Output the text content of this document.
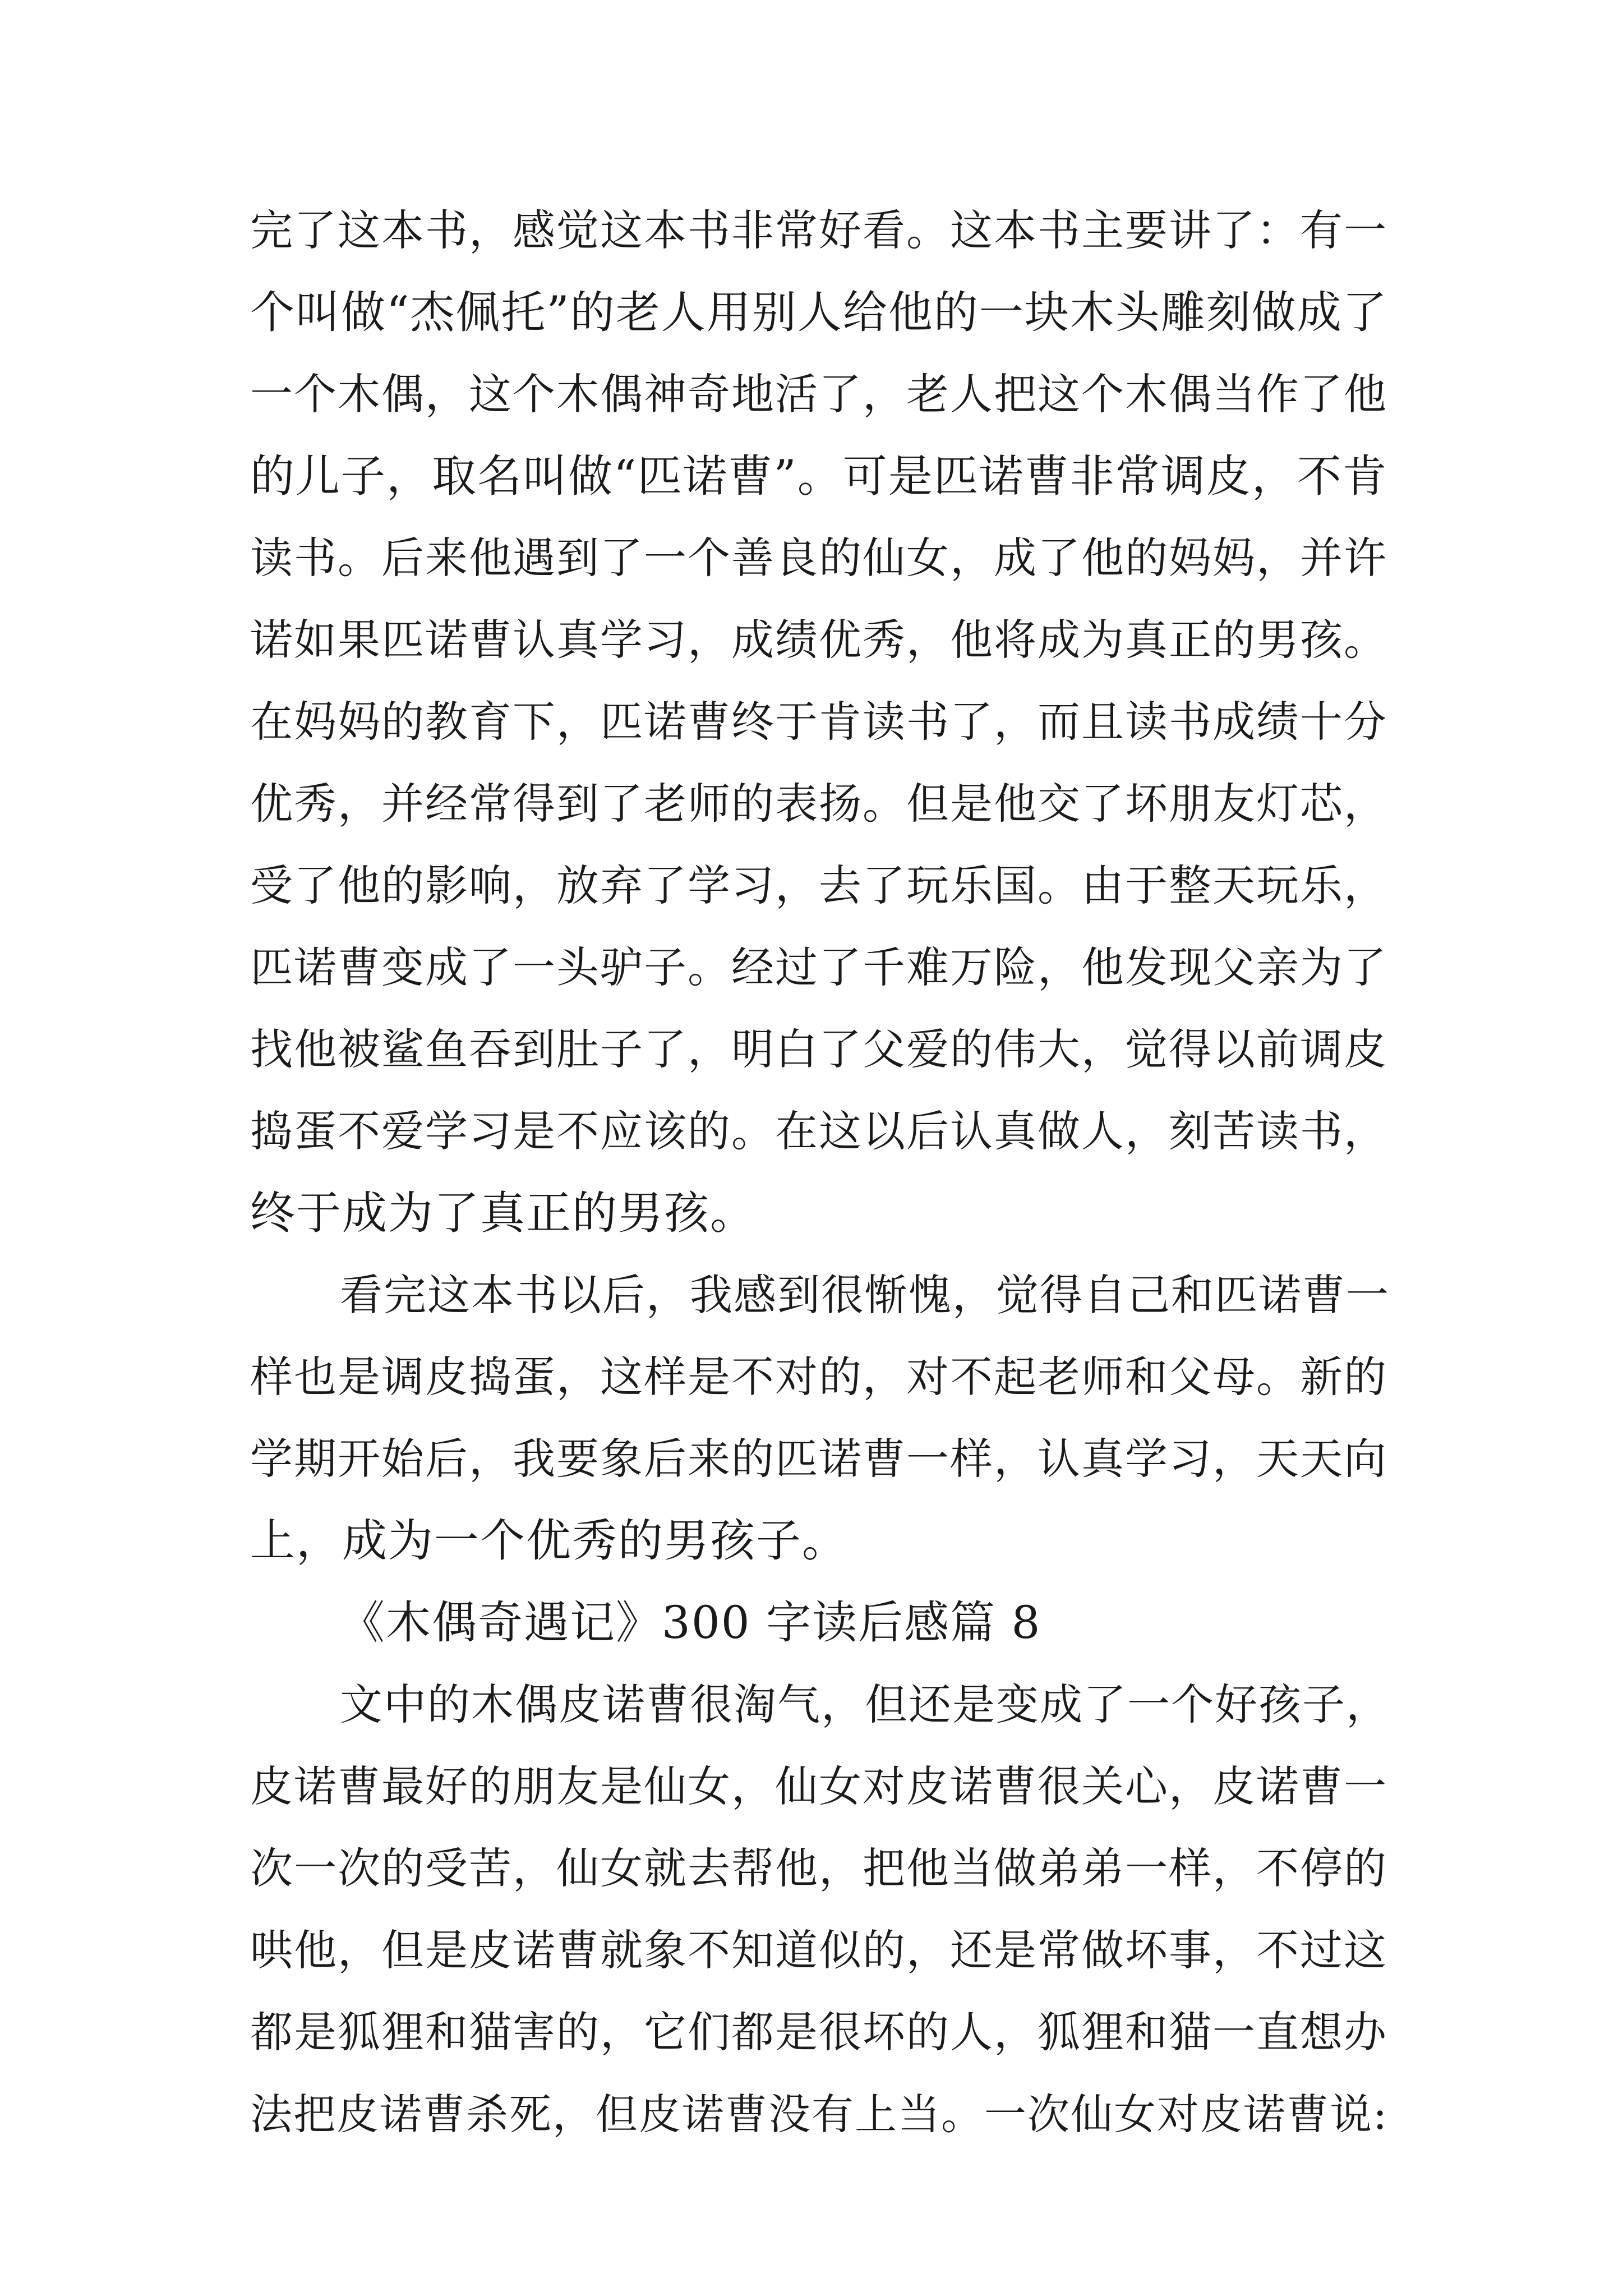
完了这本书，感觉这本书非常好看。这本书主要讲了：有一
个叫做“杰佩托”的老人用别人给他的一块木头雕刻做成了
一个木偶，这个木偶神奇地活了，老人把这个木偶当作了他
的儿子，取名叫做“匹诺曹”。可是匹诺曹非常调皮，不肯
读书。后来他遇到了一个善良的仙女，成了他的妈妈，并许
诺如果匹诺曹认真学习，成绩优秀，他将成为真正的男孩。
在妈妈的教育下，匹诺曹终于肯读书了，而且读书成绩十分
优秀，并经常得到了老师的表扬。但是他交了坏朋友灯芯，
受了他的影响，放弃了学习，去了玩乐国。由于整天玩乐，
匹诺曹变成了一头驴子。经过了千难万险，他发现父亲为了
找他被鲨鱼吞到肚子了，明白了父爱的伟大，觉得以前调皮
捣蛋不爱学习是不应该的。在这以后认真做人，刻苦读书，
终于成为了真正的男孩。
看完这本书以后，我感到很惭愧，觉得自己和匹诺曹一
样也是调皮捣蛋，这样是不对的，对不起老师和父母。新的
学期开始后，我要象后来的匹诺曹一样，认真学习，天天向
上，成为一个优秀的男孩子。
《木偶奇遇记》300 字读后感篇 8
文中的木偶皮诺曹很淘气，但还是变成了一个好孩子，
皮诺曹最好的朋友是仙女，仙女对皮诺曹很关心，皮诺曹一
次一次的受苦，仙女就去帮他，把他当做弟弟一样，不停的
哄他，但是皮诺曹就象不知道似的，还是常做坏事，不过这
都是狐狸和猫害的，它们都是很坏的人，狐狸和猫一直想办
法把皮诺曹杀死，但皮诺曹没有上当。一次仙女对皮诺曹说:
